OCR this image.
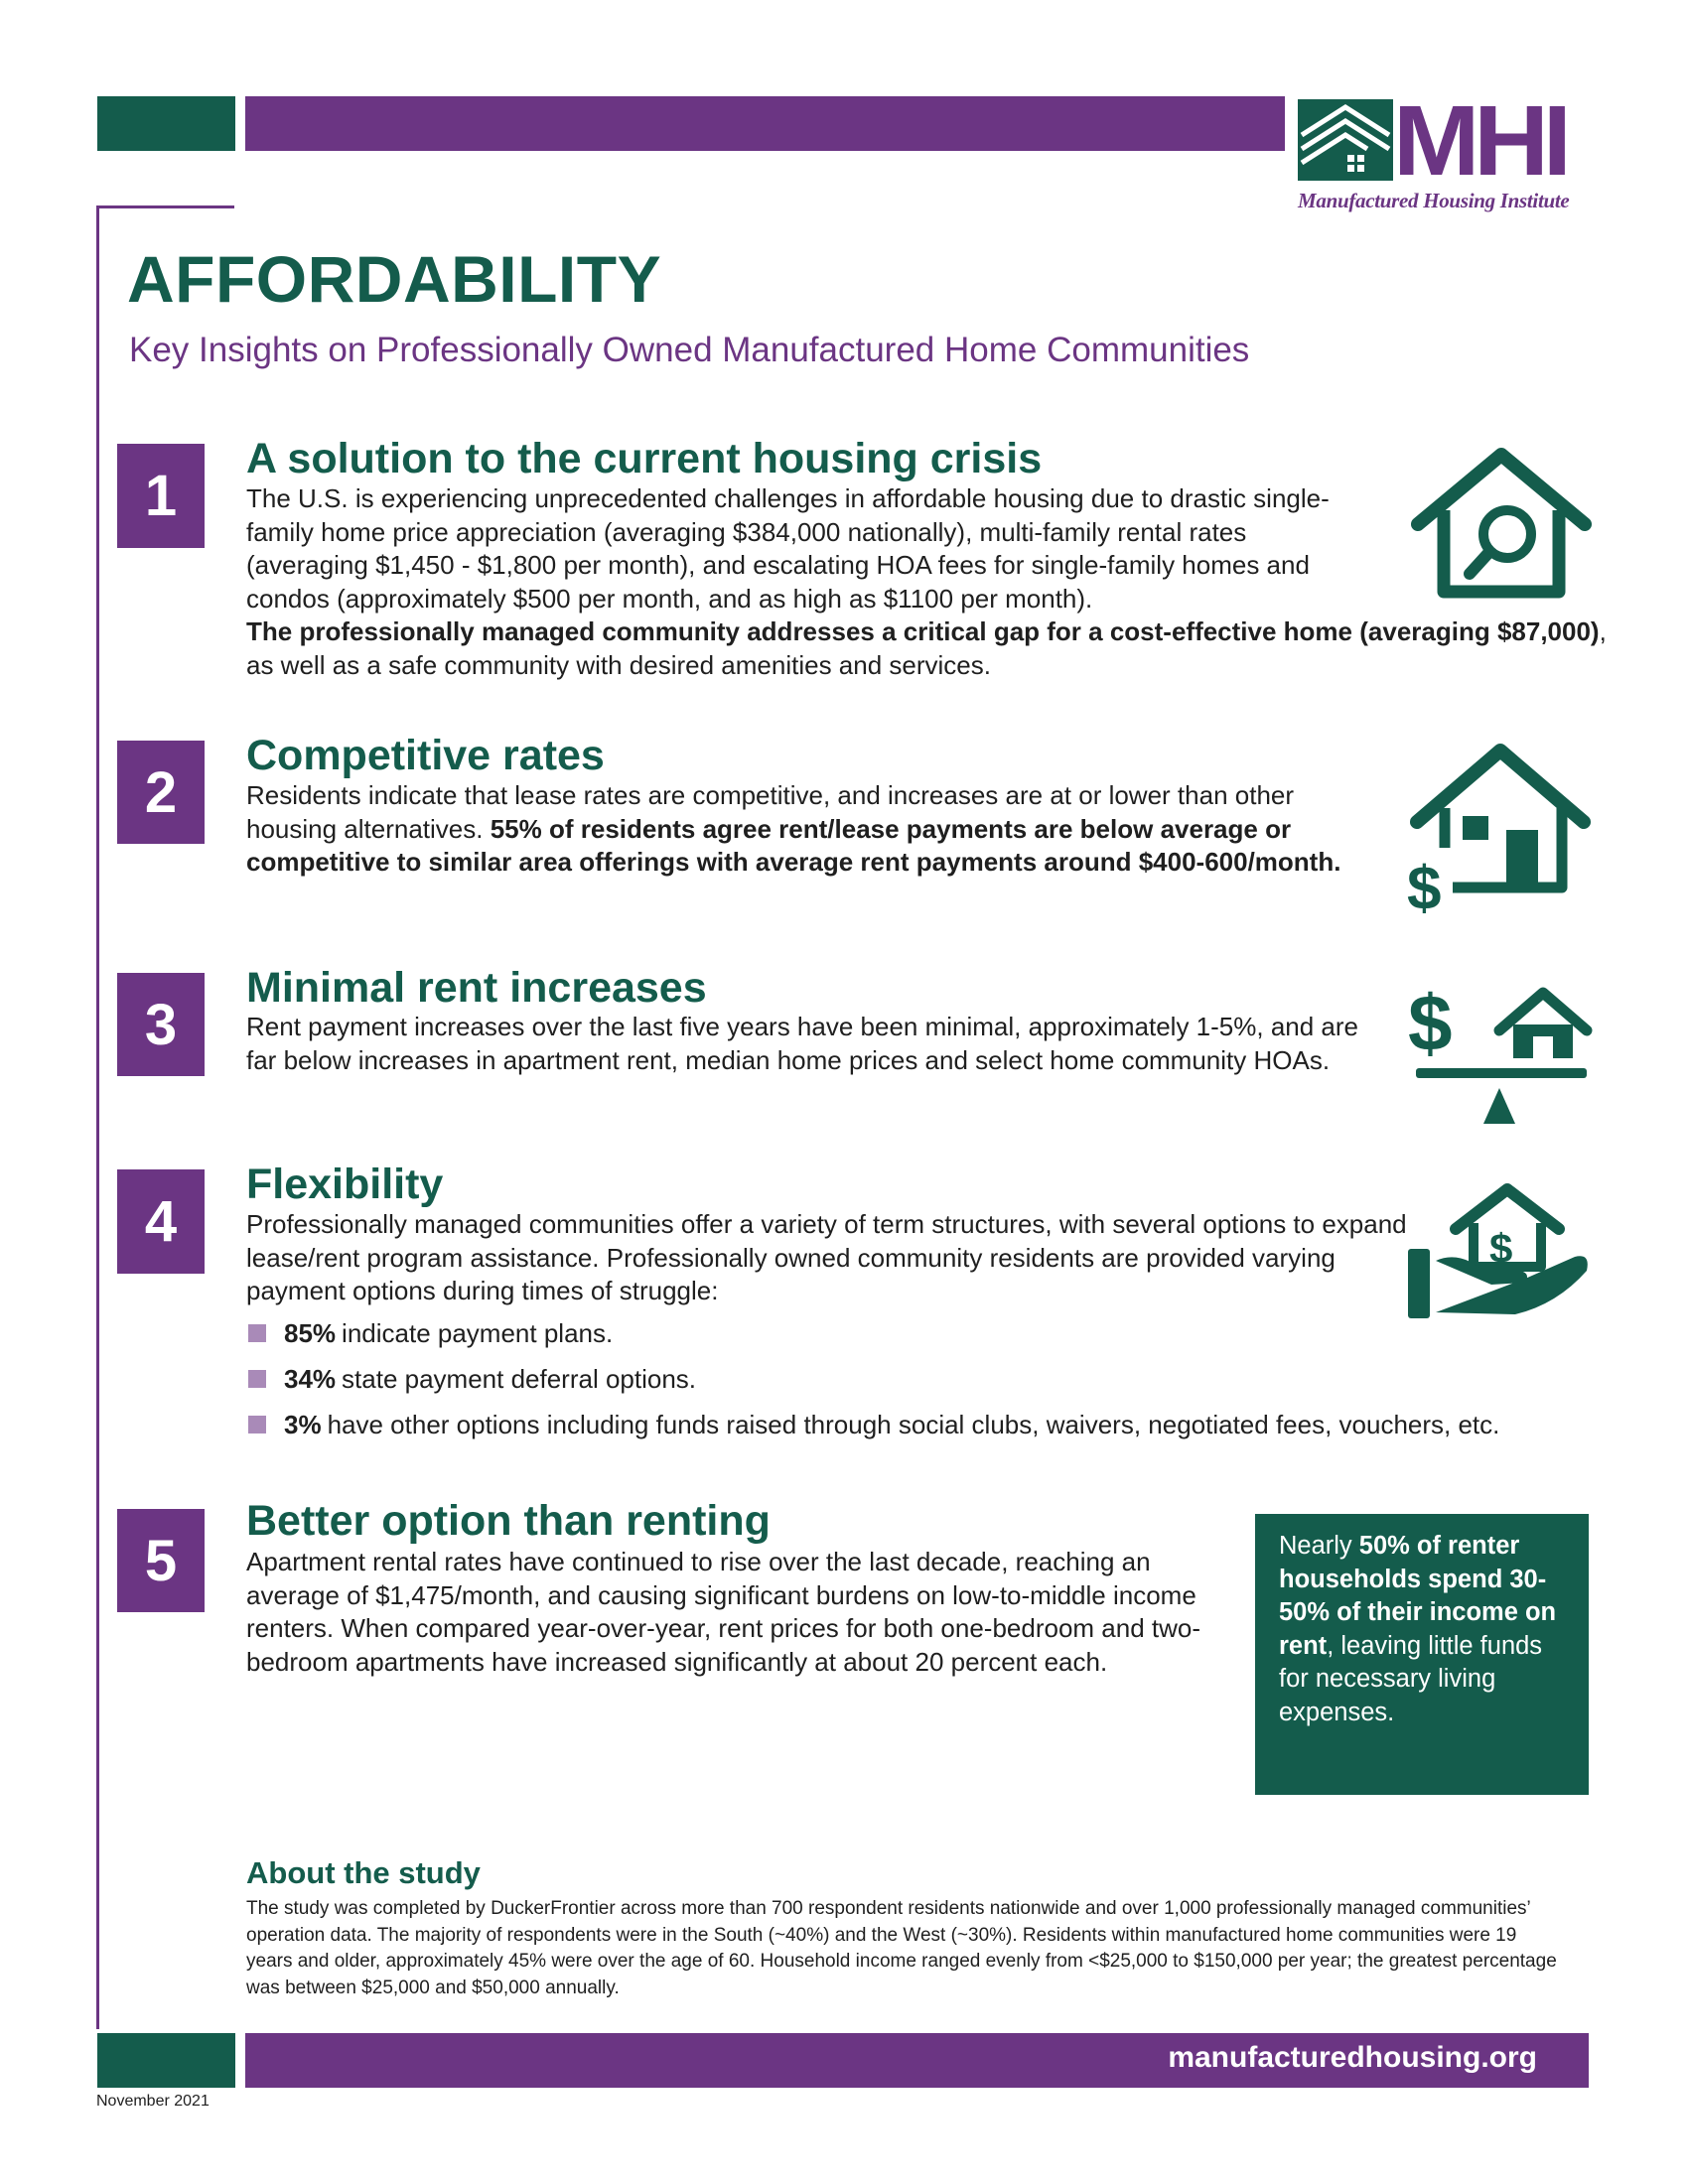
MHI
Manufactured Housing Institute
AFFORDABILITY
Key Insights on Professionally Owned Manufactured Home Communities
1
A solution to the current housing crisis
The U.S. is experiencing unprecedented challenges in affordable housing due to drastic single-family home price appreciation (averaging $384,000 nationally), multi-family rental rates (averaging $1,450 - $1,800 per month), and escalating HOA fees for single-family homes and condos (approximately $500 per month, and as high as $1100 per month).
The professionally managed community addresses a critical gap for a cost-effective home (averaging $87,000), as well as a safe community with desired amenities and services.
2
Competitive rates
Residents indicate that lease rates are competitive, and increases are at or lower than other housing alternatives. 55% of residents agree rent/lease payments are below average or competitive to similar area offerings with average rent payments around $400-600/month.	$
3
Minimal rent increases
Rent payment increases over the last five years have been minimal, approximately 1-5%, and are far below increases in apartment rent, median home prices and select home community HOAs. $
4
Flexibility
Professionally managed communities offer a variety of term structures, with several options to expand lease/rent program assistance. Professionally owned community residents are provided varying payment options during times of struggle:
85% indicate payment plans.
34% state payment deferral options.
3% have other options including funds raised through social clubs, waivers, negotiated fees, vouchers, etc.
$
5
Better option than renting
Apartment rental rates have continued to rise over the last decade, reaching an average of $1,475/month, and causing significant burdens on low-to-middle income renters. When compared year-over-year, rent prices for both one-bedroom and two-bedroom apartments have increased significantly at about 20 percent each.
Nearly 50% of renter households spend 30-50% of their income on rent, leaving little funds for necessary living expenses.
About the study
The study was completed by DuckerFrontier across more than 700 respondent residents nationwide and over 1,000 professionally managed communities’ operation data. The majority of respondents were in the South (~40%) and the West (~30%). Residents within manufactured home communities were 19 years and older, approximately 45% were over the age of 60. Household income ranged evenly from <$25,000 to $150,000 per year; the greatest percentage was between $25,000 and $50,000 annually.
manufacturedhousing.org
November 2021
